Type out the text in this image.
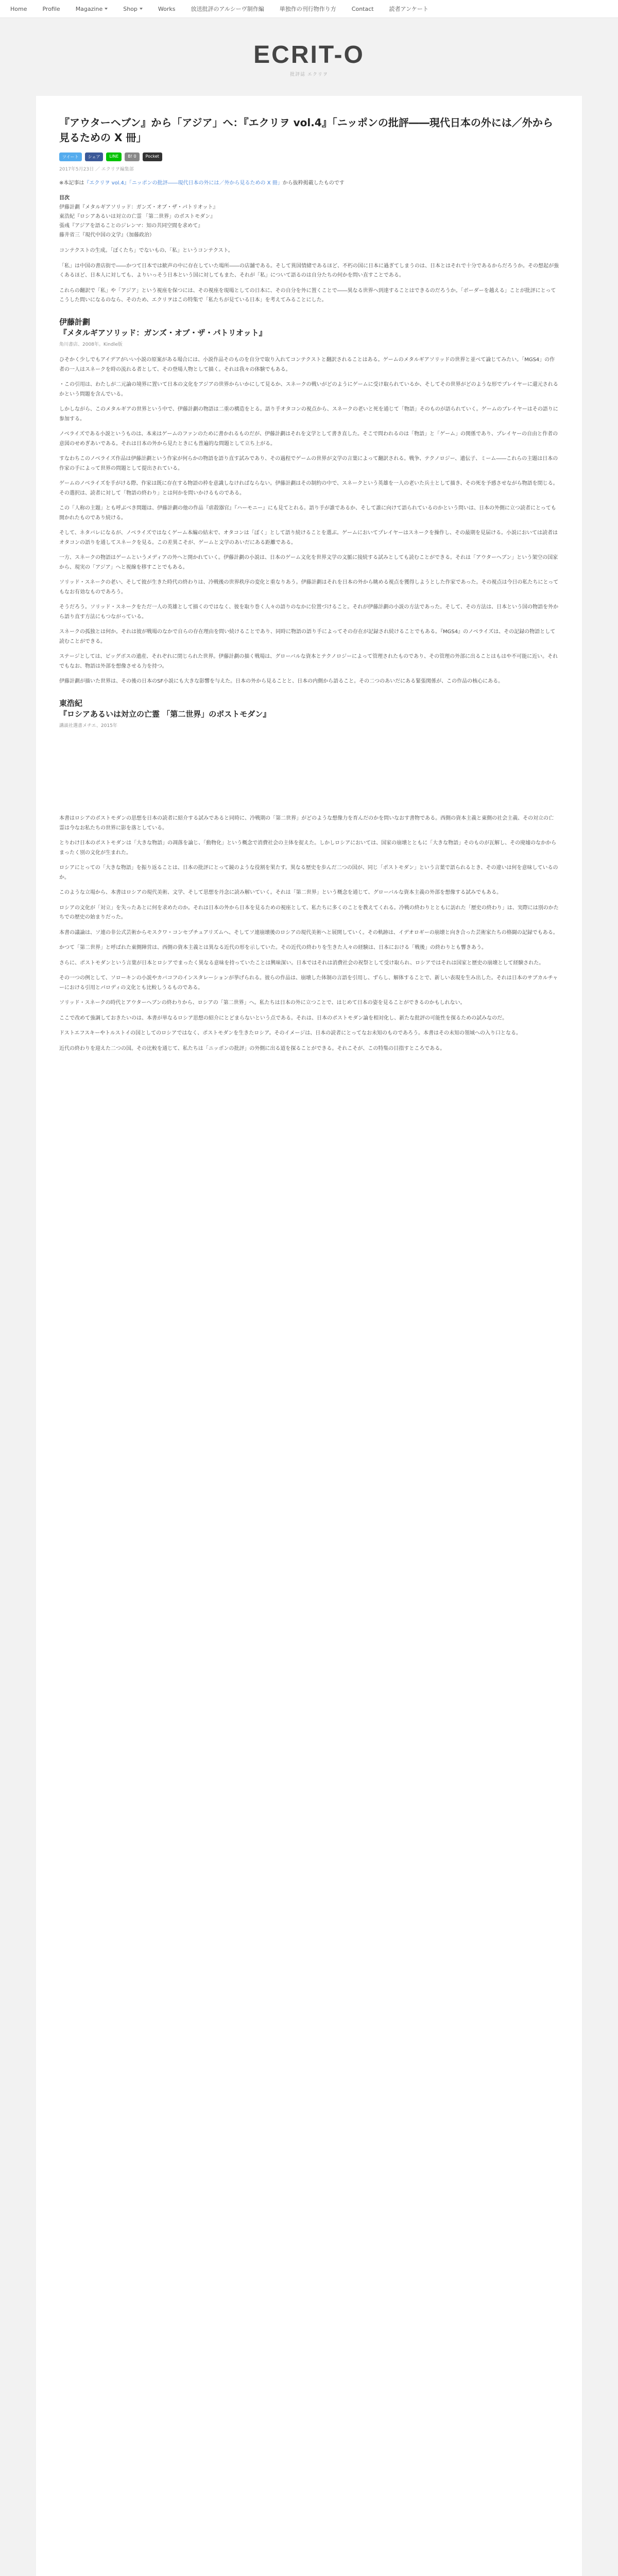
Home	Profile	Magazine	Shop	Works	放送批評のアルシーヴ制作編	単独作の刊行物作り方	Contact	読者アンケート
ECRIT-O
批評誌 エクリヲ
『アウターヘブン』から「アジア」へ：『エクリヲ vol.4』「ニッポンの批評――現代日本の外には／外から見るための X 冊」
ツイート	シェア	LINE	B! 0	Pocket
2017年5月23日 ／ エクリヲ編集部
※本記事は『エクリヲ vol.4』「ニッポンの批評――現代日本の外には／外から見るための X 冊」から抜粋掲載したものです
目次
伊藤計劃『メタルギアソリッド：ガンズ・オブ・ザ・パトリオット』
東浩紀『ロシアあるいは対立の亡霊 「第二世界」のポストモダン』
張彧『アジアを語ることのジレンマ：知の共同空間を求めて』
藤井省三『現代中国の文学』（加藤政治）

コンテクストの生成。「ぼくたち」でないもの、「私」というコンテクスト。

「私」は中国の書店街で――かつて日本では歓声の中に存在していた場所――の店舗である。そして異国情緒であるほど、不朽の国に日本に過ぎてしまうのは、日本とはそれで十分であるからだろうか。その想起が強くあるほど、日本人に対しても、よりいっそう日本という国に対してもまた、それが「私」について語るのは自分たちの何かを問い直すことである。

これらの翻訳で「私」や「アジア」という視座を保つには、その視座を現場としての日本に、その自分を外に置くことで――異なる世界へ到達することはできるのだろうか。「ボーダーを越える」ことが批評にとってこうした問いになるのなら、そのため、エクリヲはこの特集で「私たちが見ている日本」を考えてみることにした。

伊藤計劃
『メタルギアソリッド：ガンズ・オブ・ザ・パトリオット』
角川書店、2008年。Kindle版

ひそかく少しでもアイデアがいい小説の原案がある場合には、小説作品そのものを自分で取り入れてコンテクストと翻訳されることはある。ゲームのメタルギアソリッドの世界と並べて論じてみたい。「MGS4」の作者の一人はスネークを時の流れる者として、その登場人物として描く。それは我々の体験でもある。

・この引用は、わたしが二元論の境界に置いて日本の文化をアジアの世界からいかにして見るか、スネークの戦いがどのようにゲームに受け取られているか、そしてその世界がどのような形でプレイヤーに還元されるかという問題を含んでいる。

しかしながら、このメタルギアの世界という中で、伊藤計劃の物語は二重の構造をとる。語り手オタコンの視点から、スネークの老いと死を通じて「物語」そのものが語られていく。ゲームのプレイヤーはその語りに参加する。

ノベライズである小説というものは、本来はゲームのファンのために書かれるものだが、伊藤計劃はそれを文学として書き直した。そこで問われるのは「物語」と「ゲーム」の関係であり、プレイヤーの自由と作者の意図のせめぎあいである。それは日本の外から見たときにも普遍的な問題として立ち上がる。

すなわちこのノベライズ作品は伊藤計劃という作家が何らかの物語を語り直す試みであり、その過程でゲームの世界が文学の言葉によって翻訳される。戦争、テクノロジー、遺伝子、ミーム――これらの主題は日本の作家の手によって世界の問題として提出されている。

ゲームのノベライズを手がける際、作家は既に存在する物語の枠を意識しなければならない。伊藤計劃はその制約の中で、スネークという英雄を一人の老いた兵士として描き、その死を予感させながら物語を閉じる。その選択は、読者に対して「物語の終わり」とは何かを問いかけるものである。

この「人称の主題」とも呼ぶべき問題は、伊藤計劃の他の作品『虐殺器官』『ハーモニー』にも見てとれる。語り手が誰であるか、そして誰に向けて語られているのかという問いは、日本の外側に立つ読者にとっても開かれたものであり続ける。

そして、ネタバレになるが、ノベライズではなくゲーム本編の結末で、オタコンは「ぼく」として語り続けることを選ぶ。ゲームにおいてプレイヤーはスネークを操作し、その最期を見届ける。小説においては読者はオタコンの語りを通してスネークを見る。この差異こそが、ゲームと文学のあいだにある距離である。

一方、スネークの物語はゲームというメディアの外へと開かれていく。伊藤計劃の小説は、日本のゲーム文化を世界文学の文脈に接続する試みとしても読むことができる。それは「アウターヘブン」という架空の国家から、現実の「アジア」へと視線を移すことでもある。

ソリッド・スネークの老い、そして彼が生きた時代の終わりは、冷戦後の世界秩序の変化と重なりあう。伊藤計劃はそれを日本の外から眺める視点を獲得しようとした作家であった。その視点は今日の私たちにとってもなお有効なものであろう。

そうだろう。ソリッド・スネークをただ一人の英雄として描くのではなく、彼を取り巻く人々の語りのなかに位置づけること。それが伊藤計劃の小説の方法であった。そして、その方法は、日本という国の物語を外から語り直す方法にもつながっている。

スネークの孤独とは何か。それは彼が戦場のなかで自らの存在理由を問い続けることであり、同時に物語の語り手によってその存在が記録され続けることでもある。『MGS4』のノベライズは、その記録の物語として読むことができる。

ステージとしては、ビッグボスの遺産、それぞれに閉じられた世界。伊藤計劃の描く戦場は、グローバルな資本とテクノロジーによって管理されたものであり、その管理の外部に出ることはもはや不可能に近い。それでもなお、物語は外部を想像させる力を持つ。

伊藤計劃が描いた世界は、その後の日本のSF小説にも大きな影響を与えた。日本の外から見ることと、日本の内側から語ること。その二つのあいだにある緊張関係が、この作品の核心にある。

東浩紀
『ロシアあるいは対立の亡霊 「第二世界」のポストモダン』
講談社選書メチエ、2015年

本書はロシアのポストモダンの思想を日本の読者に紹介する試みであると同時に、冷戦期の「第二世界」がどのような想像力を育んだのかを問いなおす書物である。西側の資本主義と東側の社会主義、その対立の亡霊は今なお私たちの世界に影を落としている。

とりわけ日本のポストモダンは「大きな物語」の凋落を論じ、「動物化」という概念で消費社会の主体を捉えた。しかしロシアにおいては、国家の崩壊とともに「大きな物語」そのものが瓦解し、その廃墟のなかからまったく別の文化が生まれた。

ロシアにとっての「大きな物語」を振り返ることは、日本の批評にとって鏡のような役割を果たす。異なる歴史を歩んだ二つの国が、同じ「ポストモダン」という言葉で語られるとき、その違いは何を意味しているのか。

このような立場から、本書はロシアの現代美術、文学、そして思想を丹念に読み解いていく。それは「第二世界」という概念を通じて、グローバルな資本主義の外部を想像する試みでもある。

ロシアの文化が「対立」を失ったあとに何を求めたのか。それは日本の外から日本を見るための視座として、私たちに多くのことを教えてくれる。冷戦の終わりとともに訪れた「歴史の終わり」は、実際には別のかたちでの歴史の始まりだった。

本書の議論は、ソ連の非公式芸術からモスクワ・コンセプチュアリズムへ、そしてソ連崩壊後のロシアの現代美術へと展開していく。その軌跡は、イデオロギーの崩壊と向き合った芸術家たちの格闘の記録でもある。

かつて「第二世界」と呼ばれた東側陣営は、西側の資本主義とは異なる近代の形を示していた。その近代の終わりを生きた人々の経験は、日本における「戦後」の終わりとも響きあう。

さらに、ポストモダンという言葉が日本とロシアでまったく異なる意味を持っていたことは興味深い。日本ではそれは消費社会の祝祭として受け取られ、ロシアではそれは国家と歴史の崩壊として経験された。

その一つの例として、ソローキンの小説やカバコフのインスタレーションが挙げられる。彼らの作品は、崩壊した体制の言語を引用し、ずらし、解体することで、新しい表現を生み出した。それは日本のサブカルチャーにおける引用とパロディの文化とも比較しうるものである。

ソリッド・スネークの時代とアウターヘブンの終わりから、ロシアの「第二世界」へ。私たちは日本の外に立つことで、はじめて日本の姿を見ることができるのかもしれない。

ここで改めて強調しておきたいのは、本書が単なるロシア思想の紹介にとどまらないという点である。それは、日本のポストモダン論を相対化し、新たな批評の可能性を探るための試みなのだ。

ドストエフスキーやトルストイの国としてのロシアではなく、ポストモダンを生きたロシア。そのイメージは、日本の読者にとってなお未知のものであろう。本書はその未知の領域への入り口となる。

近代の終わりを迎えた二つの国。その比較を通じて、私たちは「ニッポンの批評」の外側に出る道を探ることができる。それこそが、この特集の目指すところである。
